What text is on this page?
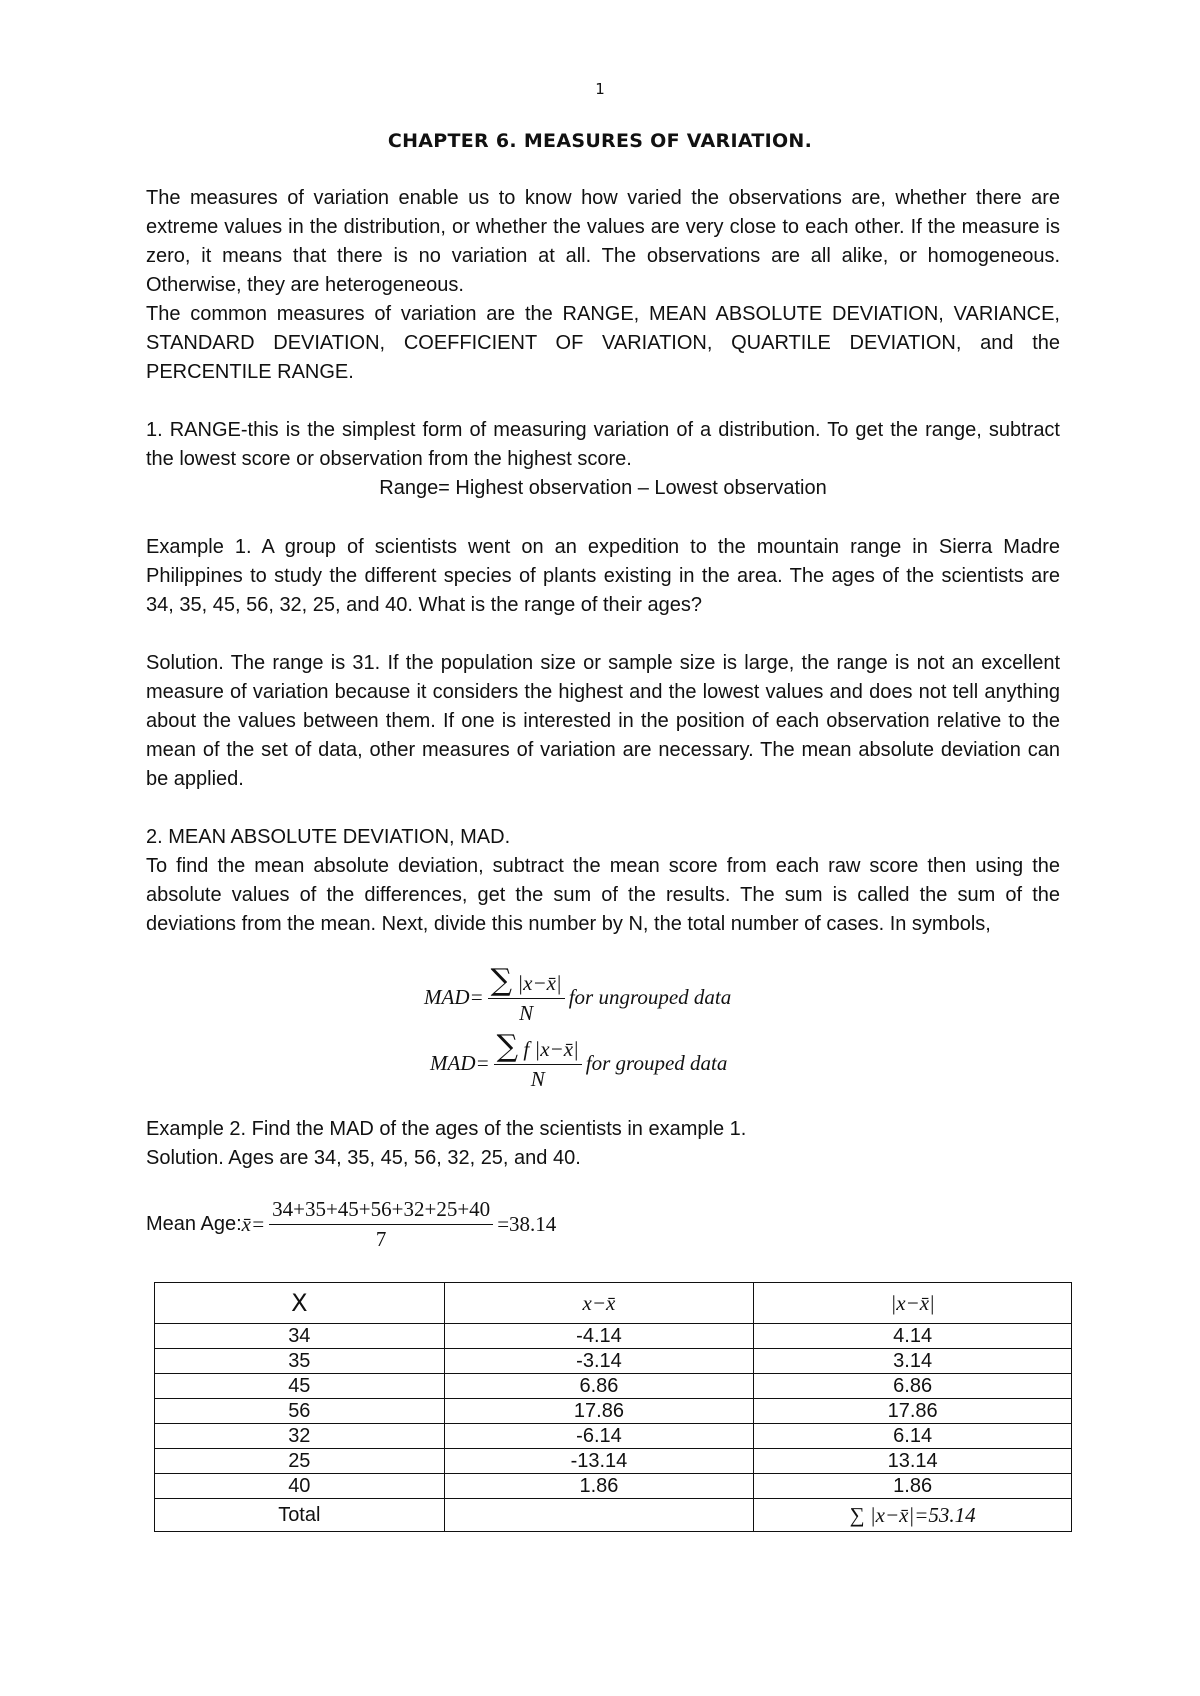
1
CHAPTER 6. MEASURES OF VARIATION.
The measures of variation enable us to know how varied the observations are, whether there are extreme values in the distribution, or whether the values are very close to each other. If the measure is zero, it means that there is no variation at all. The observations are all alike, or homogeneous. Otherwise, they are heterogeneous.
The common measures of variation are the RANGE, MEAN ABSOLUTE DEVIATION, VARIANCE, STANDARD DEVIATION, COEFFICIENT OF VARIATION, QUARTILE DEVIATION, and the PERCENTILE RANGE.
1. RANGE-this is the simplest form of measuring variation of a distribution. To get the range, subtract the lowest score or observation from the highest score.
Range= Highest observation – Lowest observation
Example 1. A group of scientists went on an expedition to the mountain range in Sierra Madre Philippines to study the different species of plants existing in the area. The ages of the scientists are 34, 35, 45, 56, 32, 25, and 40. What is the range of their ages?
Solution. The range is 31. If the population size or sample size is large, the range is not an excellent measure of variation because it considers the highest and the lowest values and does not tell anything about the values between them. If one is interested in the position of each observation relative to the mean of the set of data, other measures of variation are necessary. The mean absolute deviation can be applied.
2. MEAN ABSOLUTE DEVIATION, MAD.
To find the mean absolute deviation, subtract the mean score from each raw score then using the absolute values of the differences, get the sum of the results. The sum is called the sum of the deviations from the mean. Next, divide this number by N, the total number of cases. In symbols,
$MAD= \frac{\sum |x-x̄|}{N}$ for ungrouped data
$MAD= \frac{\sum f |x-x̄|}{N}$ for grouped data
Example 2. Find the MAD of the ages of the scientists in example 1.
Solution. Ages are 34, 35, 45, 56, 32, 25, and 40.
Mean Age: x̄= $\frac{34+35+45+56+32+25+40}{7} =38.14$
X	x−x̄	|x−x̄|
34	-4.14	4.14
35	-3.14	3.14
45	6.86	6.86
56	17.86	17.86
32	-6.14	6.14
25	-13.14	13.14
40	1.86	1.86
Total		∑ |x−x̄|=53.14
